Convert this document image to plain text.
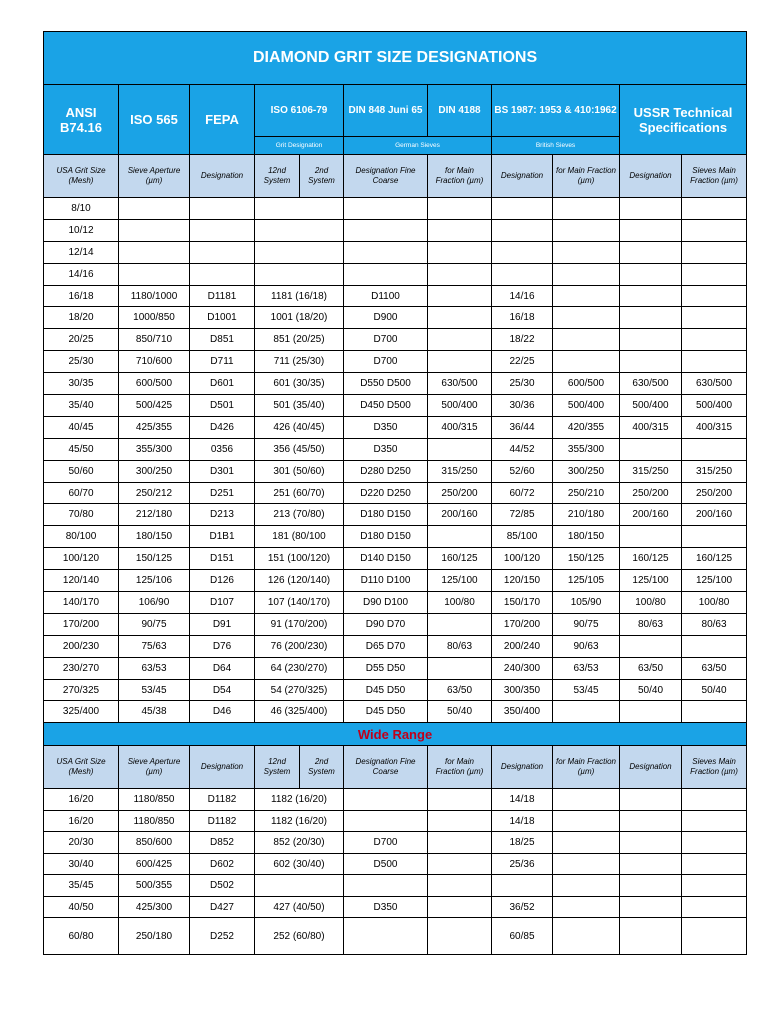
DIAMOND GRIT SIZE DESIGNATIONS										
ANSI B74.16	ISO 565	FEPA	ISO 6106-79		DIN 848 Juni 65	DIN 4188	BS 1987: 1953 & 410:1962		USSR Technical Specifications	
			Grit Designation		German Sieves		British Sieves			
USA Grit Size (Mesh)	Sieve Aperture (µm)	Designation	12nd System	2nd System	Designation Fine Coarse	for Main Fraction (µm)	Designation	for Main Fraction (µm)	Designation	Sieves Main Fraction (µm)
8/10										
10/12										
12/14										
14/16										
16/18	1180/1000	D1181	1181 (16/18)		D1100		14/16			
18/20	1000/850	D1001	1001 (18/20)		D900		16/18			
20/25	850/710	D851	851 (20/25)		D700		18/22			
25/30	710/600	D711	711 (25/30)		D700		22/25			
30/35	600/500	D601	601 (30/35)		D550 D500	630/500	25/30	600/500	630/500	630/500
35/40	500/425	D501	501 (35/40)		D450 D500	500/400	30/36	500/400	500/400	500/400
40/45	425/355	D426	426 (40/45)		D350	400/315	36/44	420/355	400/315	400/315
45/50	355/300	0356	356 (45/50)		D350		44/52	355/300		
50/60	300/250	D301	301 (50/60)		D280 D250	315/250	52/60	300/250	315/250	315/250
60/70	250/212	D251	251 (60/70)		D220 D250	250/200	60/72	250/210	250/200	250/200
70/80	212/180	D213	213 (70/80)		D180 D150	200/160	72/85	210/180	200/160	200/160
80/100	180/150	D1B1	181 (80/100		D180 D150		85/100	180/150		
100/120	150/125	D151	151 (100/120)		D140 D150	160/125	100/120	150/125	160/125	160/125
120/140	125/106	D126	126 (120/140)		D110 D100	125/100	120/150	125/105	125/100	125/100
140/170	106/90	D107	107 (140/170)		D90 D100	100/80	150/170	105/90	100/80	100/80
170/200	90/75	D91	91 (170/200)		D90 D70		170/200	90/75	80/63	80/63
200/230	75/63	D76	76 (200/230)		D65 D70	80/63	200/240	90/63		
230/270	63/53	D64	64 (230/270)		D55 D50		240/300	63/53	63/50	63/50
270/325	53/45	D54	54 (270/325)		D45 D50	63/50	300/350	53/45	50/40	50/40
325/400	45/38	D46	46 (325/400)		D45 D50	50/40	350/400			
Wide Range										
USA Grit Size (Mesh)	Sieve Aperture (µm)	Designation	12nd System	2nd System	Designation Fine Coarse	for Main Fraction (µm)	Designation	for Main Fraction (µm)	Designation	Sieves Main Fraction (µm)
16/20	1180/850	D1182	1182 (16/20)				14/18			
16/20	1180/850	D1182	1182 (16/20)				14/18			
20/30	850/600	D852	852 (20/30)		D700		18/25			
30/40	600/425	D602	602 (30/40)		D500		25/36			
35/45	500/355	D502								
40/50	425/300	D427	427 (40/50)		D350		36/52			
60/80	250/180	D252	252 (60/80)				60/85			
